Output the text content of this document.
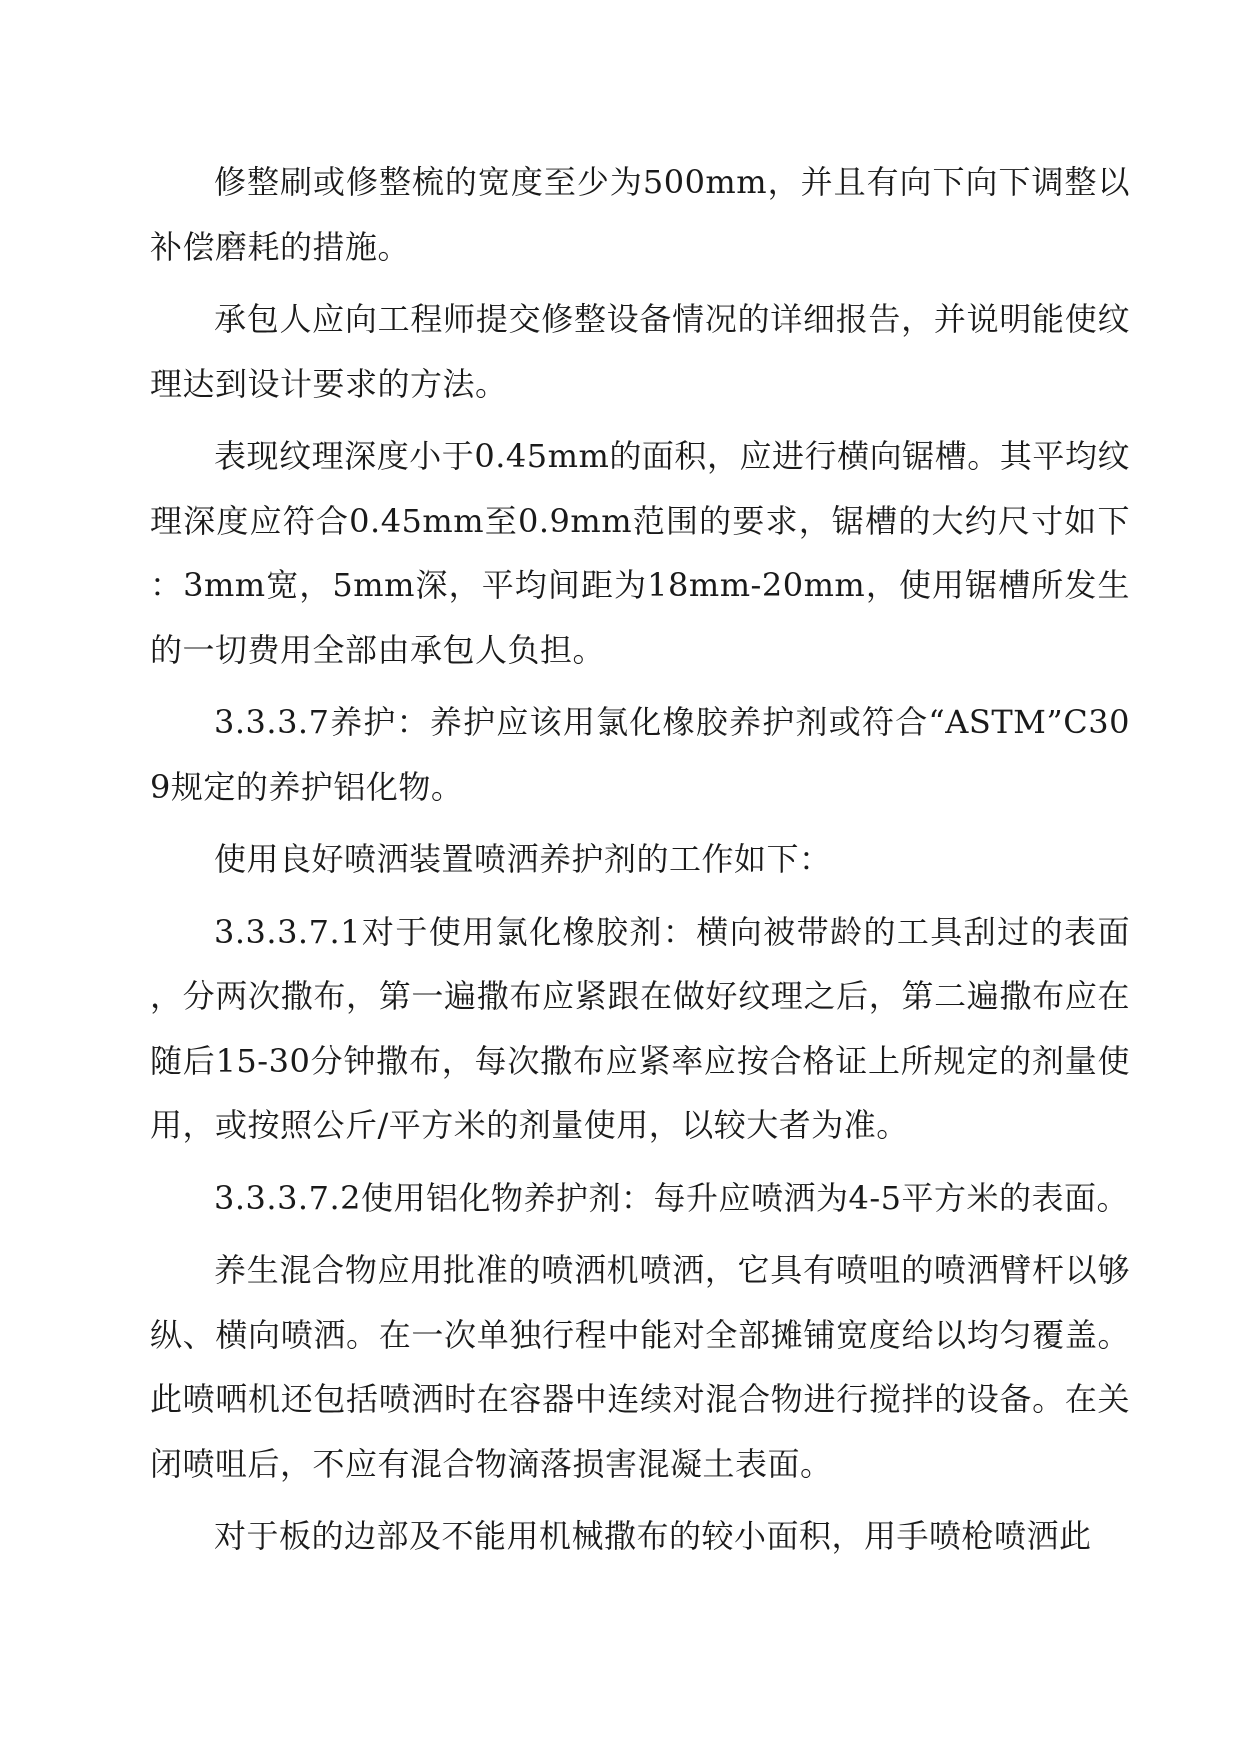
修整刷或修整梳的宽度至少为500mm，并且有向下向下调整以补偿磨耗的措施。

承包人应向工程师提交修整设备情况的详细报告，并说明能使纹理达到设计要求的方法。

表现纹理深度小于0.45mm的面积，应进行横向锯槽。其平均纹理深度应符合0.45mm至0.9mm范围的要求，锯槽的大约尺寸如下：3mm宽，5mm深，平均间距为18mm-20mm，使用锯槽所发生的一切费用全部由承包人负担。

3.3.3.7养护：养护应该用氯化橡胶养护剂或符合“ASTM”C309规定的养护铝化物。

使用良好喷洒装置喷洒养护剂的工作如下：

3.3.3.7.1对于使用氯化橡胶剂：横向被带龄的工具刮过的表面，分两次撒布，第一遍撒布应紧跟在做好纹理之后，第二遍撒布应在随后15-30分钟撒布，每次撒布应紧率应按合格证上所规定的剂量使用，或按照公斤/平方米的剂量使用，以较大者为准。

3.3.3.7.2使用铝化物养护剂：每升应喷洒为4-5平方米的表面。

养生混合物应用批准的喷洒机喷洒，它具有喷咀的喷洒臂杆以够纵、横向喷洒。在一次单独行程中能对全部摊铺宽度给以均匀覆盖。此喷哂机还包括喷洒时在容器中连续对混合物进行搅拌的设备。在关闭喷咀后，不应有混合物滴落损害混凝土表面。

对于板的边部及不能用机械撒布的较小面积，用手喷枪喷洒此
